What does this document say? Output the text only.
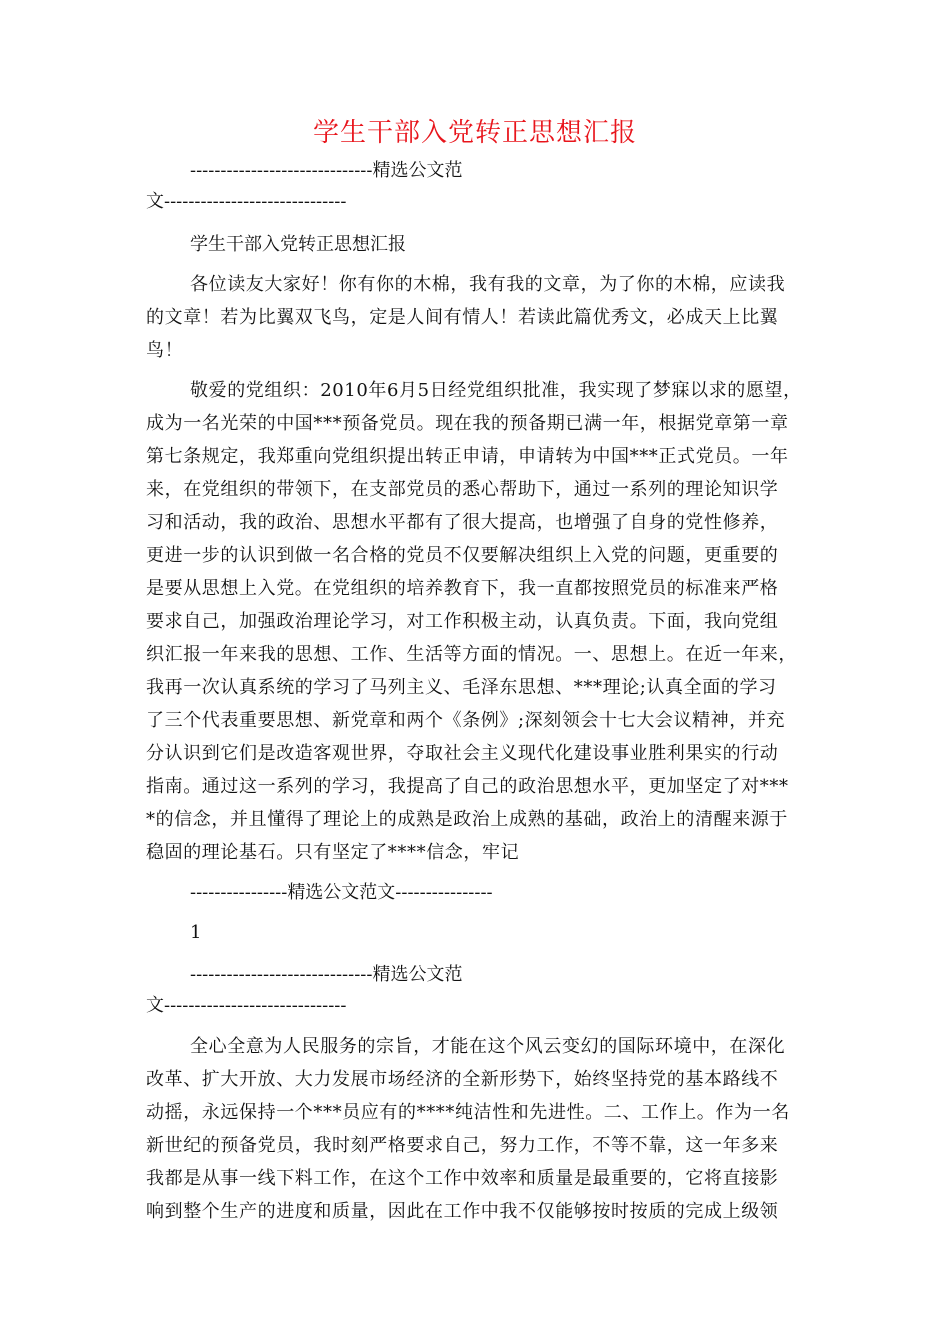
学生干部入党转正思想汇报
------------------------------精选公文范
文------------------------------
学生干部入党转正思想汇报
各位读友大家好！你有你的木棉，我有我的文章，为了你的木棉，应读我
的文章！若为比翼双飞鸟，定是人间有情人！若读此篇优秀文，必成天上比翼
鸟！
敬爱的党组织：2010年6月5日经党组织批准，我实现了梦寐以求的愿望，
成为一名光荣的中国***预备党员。现在我的预备期已满一年，根据党章第一章
第七条规定，我郑重向党组织提出转正申请，申请转为中国***正式党员。一年
来，在党组织的带领下，在支部党员的悉心帮助下，通过一系列的理论知识学
习和活动，我的政治、思想水平都有了很大提高，也增强了自身的党性修养，
更进一步的认识到做一名合格的党员不仅要解决组织上入党的问题，更重要的
是要从思想上入党。在党组织的培养教育下，我一直都按照党员的标准来严格
要求自己，加强政治理论学习，对工作积极主动，认真负责。下面，我向党组
织汇报一年来我的思想、工作、生活等方面的情况。一、思想上。在近一年来，
我再一次认真系统的学习了马列主义、毛泽东思想、***理论;认真全面的学习
了三个代表重要思想、新党章和两个《条例》;深刻领会十七大会议精神，并充
分认识到它们是改造客观世界，夺取社会主义现代化建设事业胜利果实的行动
指南。通过这一系列的学习，我提高了自己的政治思想水平，更加坚定了对***
*的信念，并且懂得了理论上的成熟是政治上成熟的基础，政治上的清醒来源于
稳固的理论基石。只有坚定了****信念，牢记
----------------精选公文范文----------------
1
------------------------------精选公文范
文------------------------------
全心全意为人民服务的宗旨，才能在这个风云变幻的国际环境中，在深化
改革、扩大开放、大力发展市场经济的全新形势下，始终坚持党的基本路线不
动摇，永远保持一个***员应有的****纯洁性和先进性。二、工作上。作为一名
新世纪的预备党员，我时刻严格要求自己，努力工作，不等不靠，这一年多来
我都是从事一线下料工作，在这个工作中效率和质量是最重要的，它将直接影
响到整个生产的进度和质量，因此在工作中我不仅能够按时按质的完成上级领
